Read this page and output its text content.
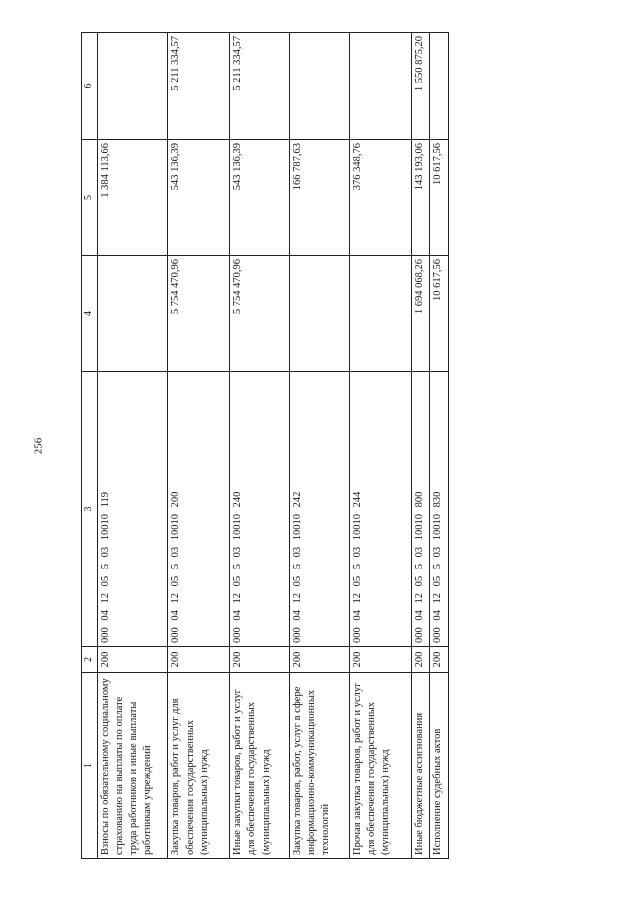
256
1	2	3	4	5	6
Взносы по обязательному социальному страхованию на выплаты по оплате труда работников и иные выплаты работникам учреждений	200	000 04 12 05 5 03 10010 119		1 384 113,66	
Закупка товаров, работ и услуг для обеспечения государственных (муниципальных) нужд	200	000 04 12 05 5 03 10010 200	5 754 470,96	543 136,39	5 211 334,57
Иные закупки товаров, работ и услуг для обеспечения государственных (муниципальных) нужд	200	000 04 12 05 5 03 10010 240	5 754 470,96	543 136,39	5 211 334,57
Закупка товаров, работ, услуг в сфере информационно-коммуникационных технологий	200	000 04 12 05 5 03 10010 242		166 787,63	
Прочая закупка товаров, работ и услуг для обеспечения государственных (муниципальных) нужд	200	000 04 12 05 5 03 10010 244		376 348,76	
Иные бюджетные ассигнования	200	000 04 12 05 5 03 10010 800	1 694 068,26	143 193,06	1 550 875,20
Исполнение судебных актов	200	000 04 12 05 5 03 10010 830	10 617,56	10 617,56	
